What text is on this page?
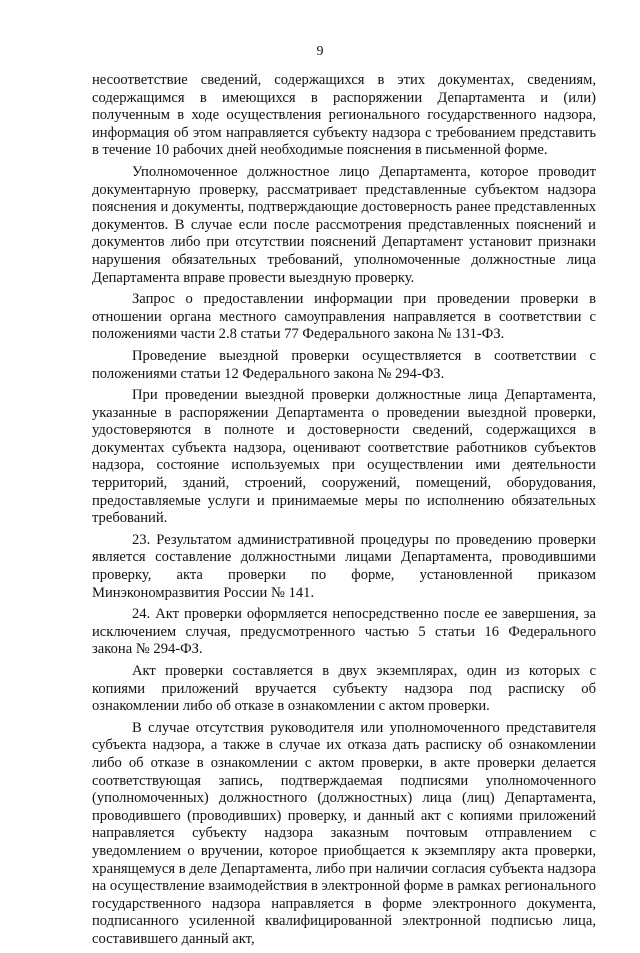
9

несоответствие сведений, содержащихся в этих документах, сведениям, содержащимся в имеющихся в распоряжении Департамента и (или) полученным в ходе осуществления регионального государственного надзора, информация об этом направляется субъекту надзора с требованием представить в течение 10 рабочих дней необходимые пояснения в письменной форме.

Уполномоченное должностное лицо Департамента, которое проводит документарную проверку, рассматривает представленные субъектом надзора пояснения и документы, подтверждающие достоверность ранее представленных документов. В случае если после рассмотрения представленных пояснений и документов либо при отсутствии пояснений Департамент установит признаки нарушения обязательных требований, уполномоченные должностные лица Департамента вправе провести выездную проверку.

Запрос о предоставлении информации при проведении проверки в отношении органа местного самоуправления направляется в соответствии с положениями части 2.8 статьи 77 Федерального закона № 131-ФЗ.

Проведение выездной проверки осуществляется в соответствии с положениями статьи 12 Федерального закона № 294-ФЗ.

При проведении выездной проверки должностные лица Департамента, указанные в распоряжении Департамента о проведении выездной проверки, удостоверяются в полноте и достоверности сведений, содержащихся в документах субъекта надзора, оценивают соответствие работников субъектов надзора, состояние используемых при осуществлении ими деятельности территорий, зданий, строений, сооружений, помещений, оборудования, предоставляемые услуги и принимаемые меры по исполнению обязательных требований.

23. Результатом административной процедуры по проведению проверки является составление должностными лицами Департамента, проводившими проверку, акта проверки по форме, установленной приказом Минэкономразвития России № 141.

24. Акт проверки оформляется непосредственно после ее завершения, за исключением случая, предусмотренного частью 5 статьи 16 Федерального закона № 294-ФЗ.

Акт проверки составляется в двух экземплярах, один из которых с копиями приложений вручается субъекту надзора под расписку об ознакомлении либо об отказе в ознакомлении с актом проверки.

В случае отсутствия руководителя или уполномоченного представителя субъекта надзора, а также в случае их отказа дать расписку об ознакомлении либо об отказе в ознакомлении с актом проверки, в акте проверки делается соответствующая запись, подтверждаемая подписями уполномоченного (уполномоченных) должностного (должностных) лица (лиц) Департамента, проводившего (проводивших) проверку, и данный акт с копиями приложений направляется субъекту надзора заказным почтовым отправлением с уведомлением о вручении, которое приобщается к экземпляру акта проверки, хранящемуся в деле Департамента, либо при наличии согласия субъекта надзора на осуществление взаимодействия в электронной форме в рамках регионального государственного надзора направляется в форме электронного документа, подписанного усиленной квалифицированной электронной подписью лица, составившего данный акт,
